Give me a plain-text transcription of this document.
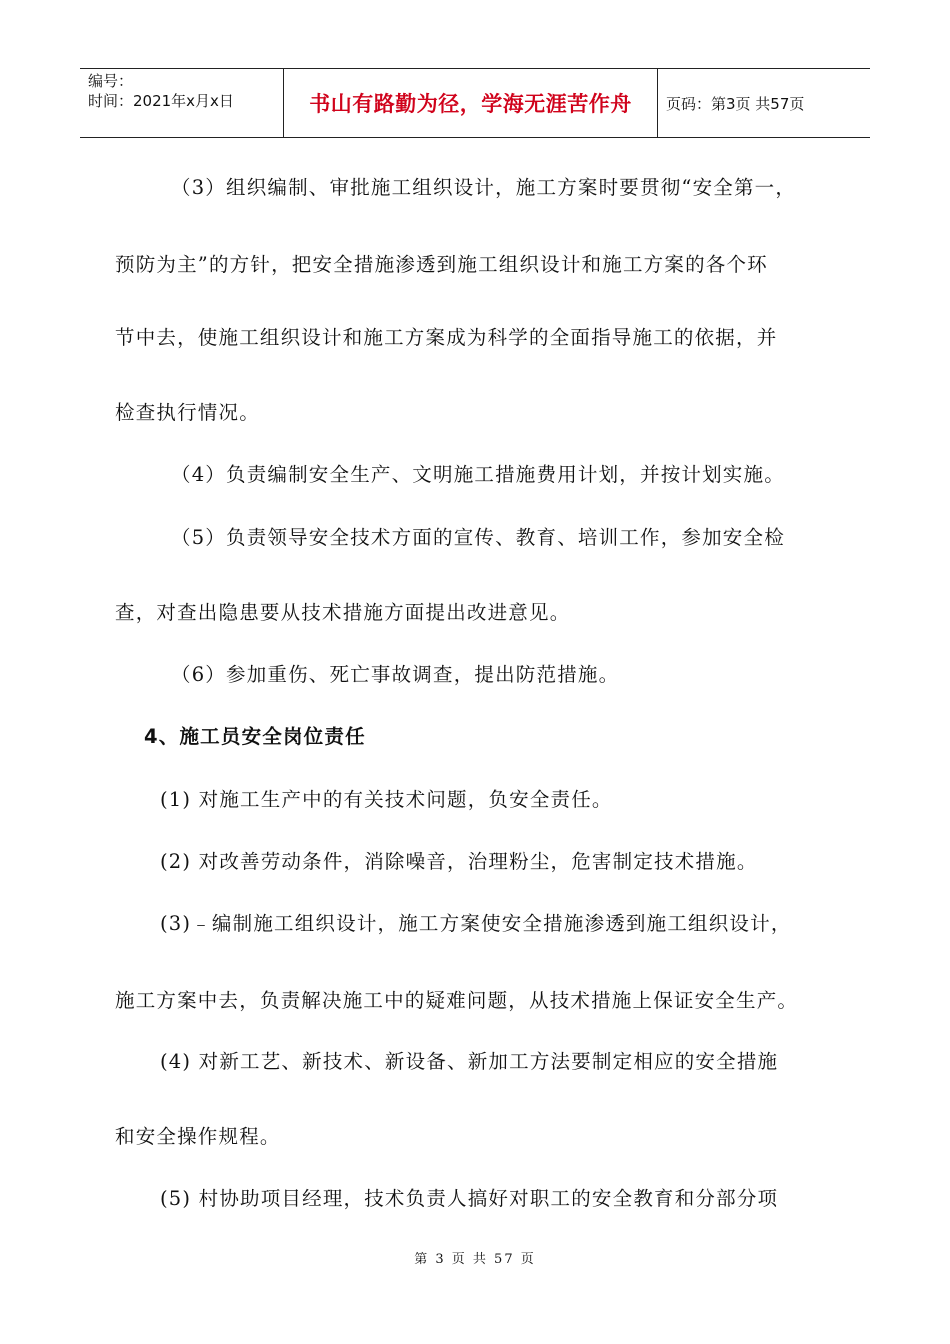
编号：
时间：2021年x月x日	书山有路勤为径，学海无涯苦作舟 页码：第3页 共57页
（3）组织编制、审批施工组织设计，施工方案时要贯彻“安全第一，
预防为主”的方针，把安全措施渗透到施工组织设计和施工方案的各个环
节中去，使施工组织设计和施工方案成为科学的全面指导施工的依据，并
检查执行情况。
（4）负责编制安全生产、文明施工措施费用计划，并按计划实施。
（5）负责领导安全技术方面的宣传、教育、培训工作，参加安全检
查，对查出隐患要从技术措施方面提出改进意见。
（6）参加重伤、死亡事故调查，提出防范措施。
4、施工员安全岗位责任
(1) 对施工生产中的有关技术问题，负安全责任。
(2) 对改善劳动条件，消除噪音，治理粉尘，危害制定技术措施。
(3)﹣编制施工组织设计，施工方案使安全措施渗透到施工组织设计，
施工方案中去，负责解决施工中的疑难问题，从技术措施上保证安全生产。
(4) 对新工艺、新技术、新设备、新加工方法要制定相应的安全措施
和安全操作规程。
(5) 村协助项目经理，技术负责人搞好对职工的安全教育和分部分项
第 3 页 共 57 页
